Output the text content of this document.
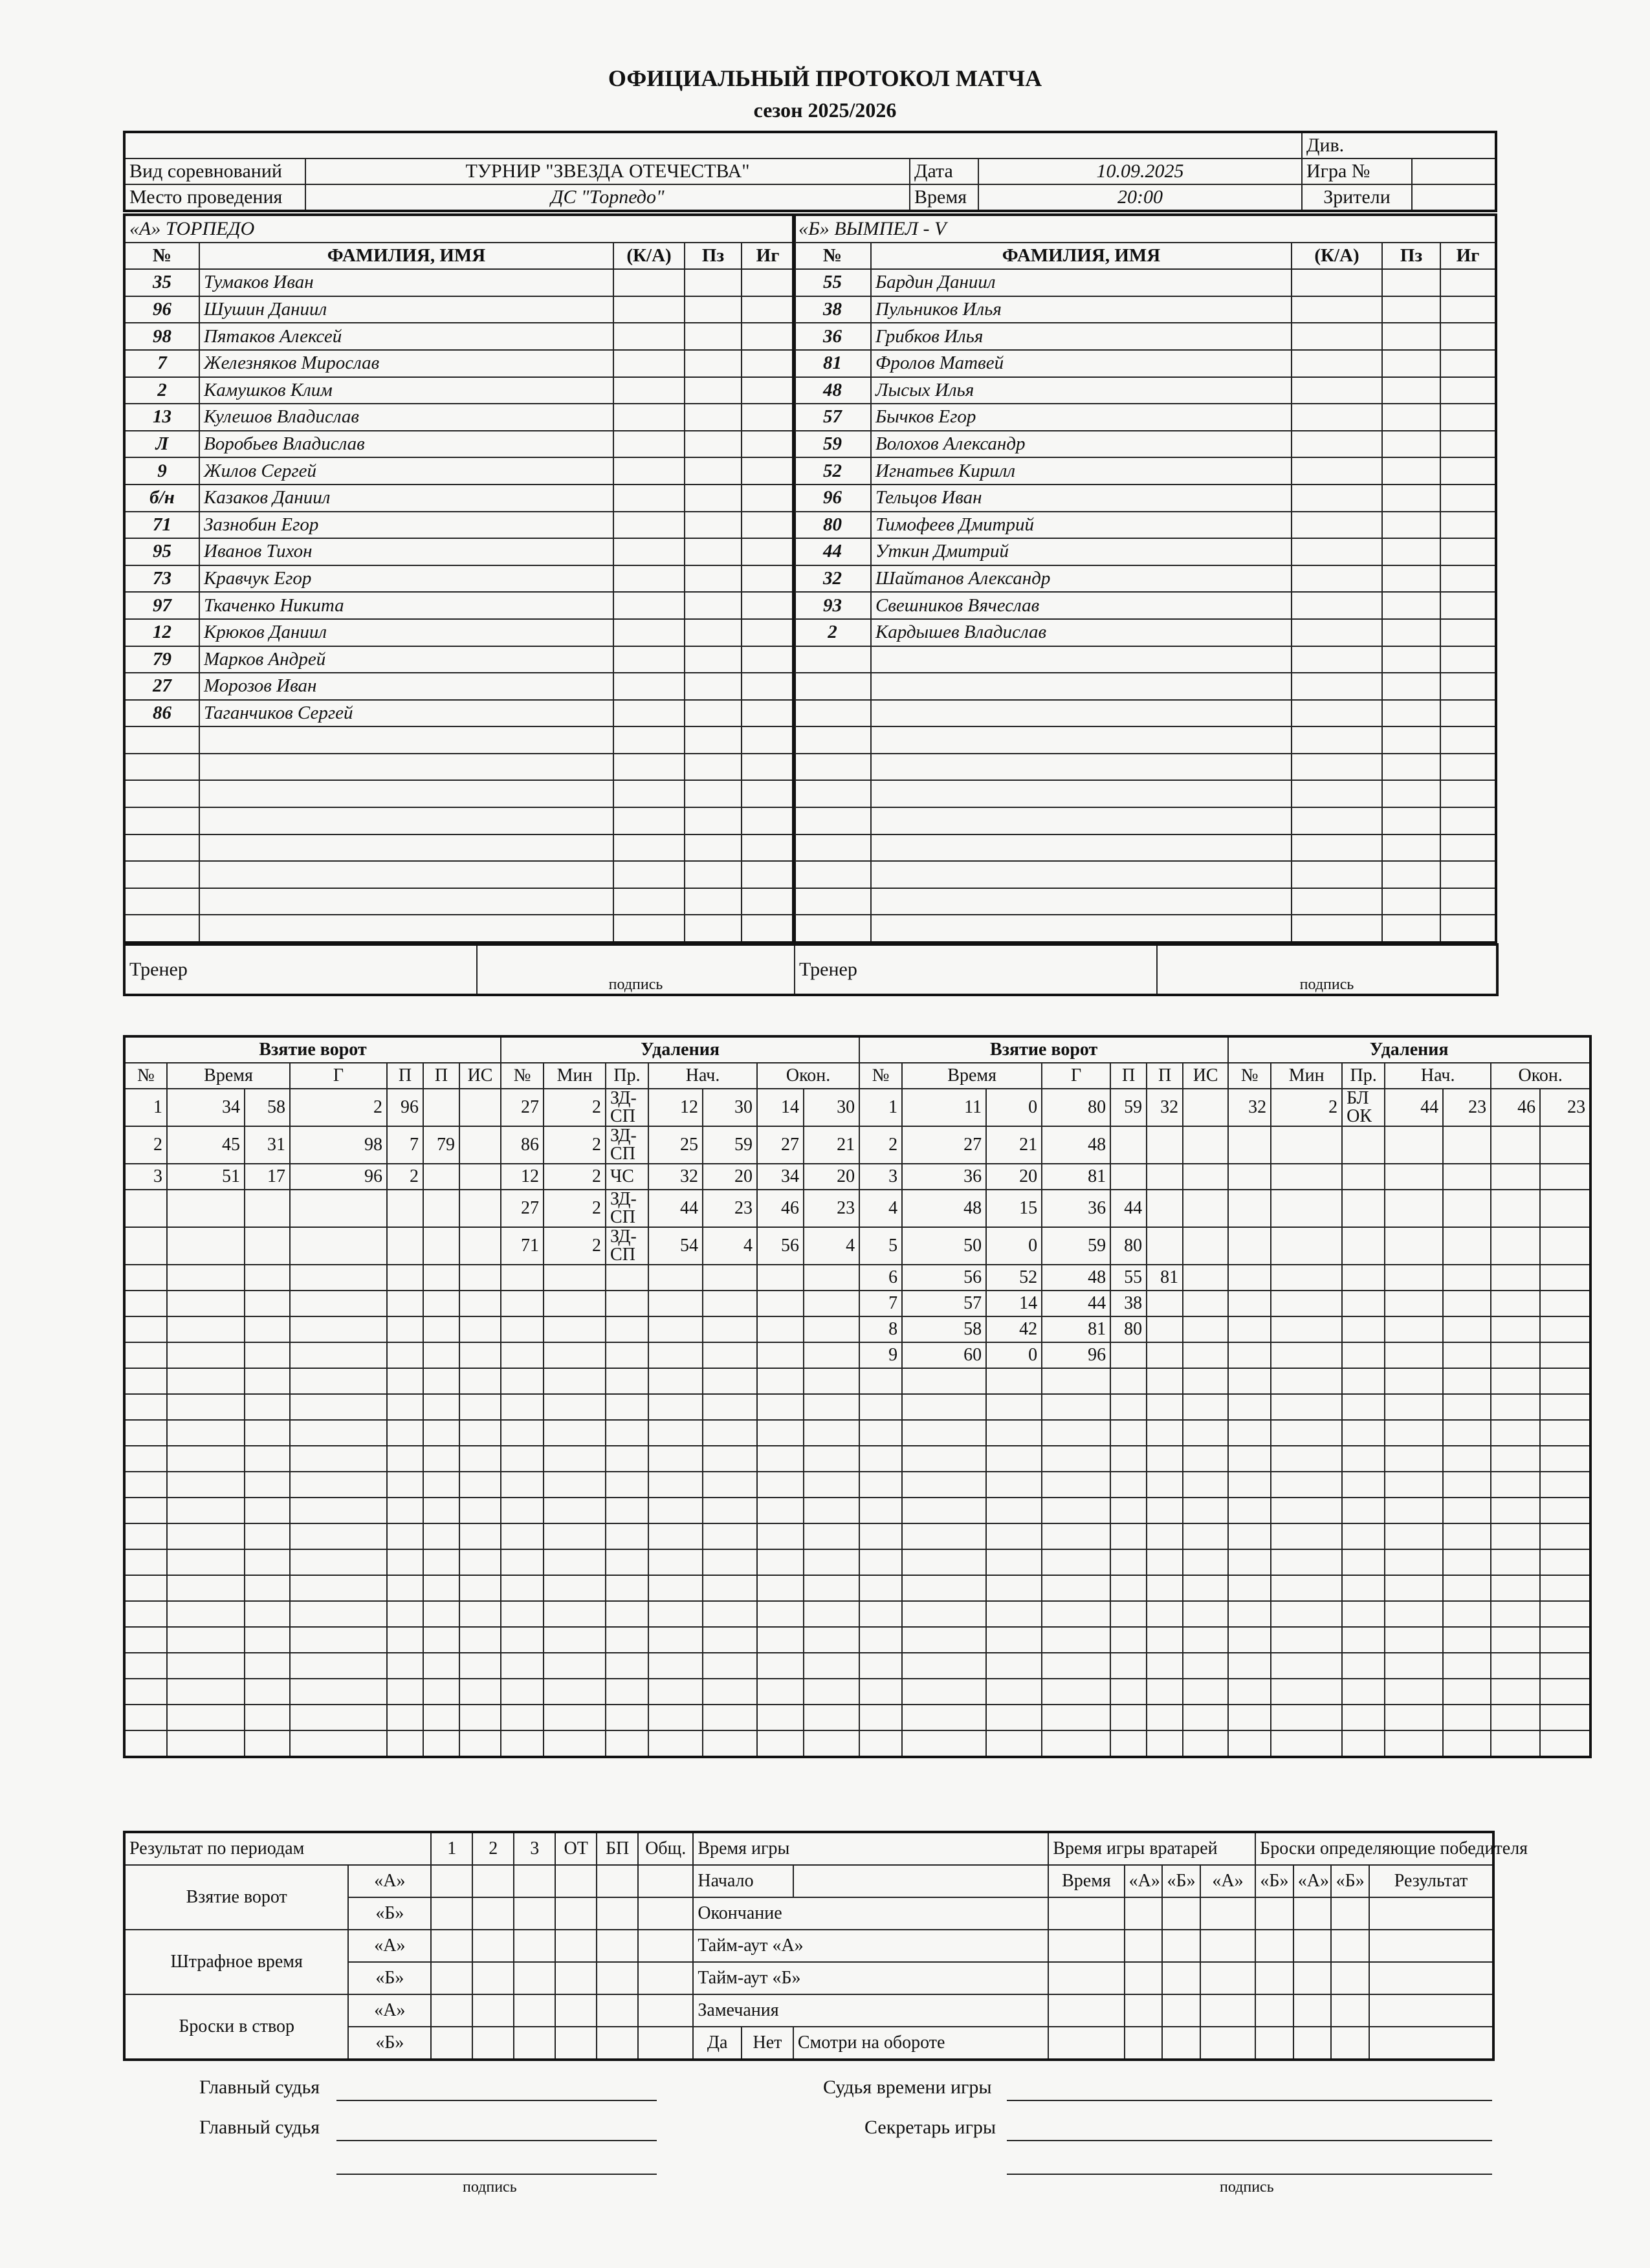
ОФИЦИАЛЬНЫЙ ПРОТОКОЛ МАТЧА
сезон 2025/2026
				Див.	
Вид соревнований	ТУРНИР "ЗВЕЗДА ОТЕЧЕСТВА"	Дата	10.09.2025	Игра №	
Место проведения	ДС "Торпедо"	Время	20:00	Зрители	
«А» ТОРПЕДО				
№	ФАМИЛИЯ, ИМЯ	(К/А)	Пз	Иг
35	Тумаков Иван			
96	Шушин Даниил			
98	Пятаков Алексей			
7	Железняков Мирослав			
2	Камушков Клим			
13	Кулешов Владислав			
Л	Воробьев Владислав			
9	Жилов Сергей			
б/н	Казаков Даниил			
71	Зазнобин Егор			
95	Иванов Тихон			
73	Кравчук Егор			
97	Ткаченко Никита			
12	Крюков Даниил			
79	Марков Андрей			
27	Морозов Иван			
86	Таганчиков Сергей			

«Б» ВЫМПЕЛ - V				
№	ФАМИЛИЯ, ИМЯ	(К/А)	Пз	Иг
55	Бардин Даниил			
38	Пульников Илья			
36	Грибков Илья			
81	Фролов Матвей			
48	Лысых Илья			
57	Бычков Егор			
59	Волохов Александр			
52	Игнатьев Кирилл			
96	Тельцов Иван			
80	Тимофеев Дмитрий			
44	Уткин Дмитрий			
32	Шайтанов Александр			
93	Свешников Вячеслав			
2	Кардышев Владислав			

Тренер	подпись	Тренер	подпись
Взятие ворот							Удаления							Взятие ворот							Удаления						
№	Время		Г	П	П	ИС	№	Мин	Пр.	Нач.		Окон.		№	Время		Г	П	П	ИС	№	Мин	Пр.	Нач.		Окон.	
1	34	58	2	96			27	2	ЗД-СП	12	30	14	30	1	11	0	80	59	32		32	2	БЛ ОК	44	23	46	23
2	45	31	98	7	79		86	2	ЗД-СП	25	59	27	21	2	27	21	48										
3	51	17	96	2			12	2	ЧС	32	20	34	20	3	36	20	81										
							27	2	ЗД-СП	44	23	46	23	4	48	15	36	44									
							71	2	ЗД-СП	54	4	56	4	5	50	0	59	80									
														6	56	52	48	55	81								
														7	57	14	44	38									
														8	58	42	81	80									
														9	60	0	96										

Результат по периодам		1	2	3	ОТ	БП	Общ.	Время игры			Время игры вратарей				Броски определяющие победителя			
Взятие ворот	«А»							Начало			Время	«А»	«Б»	«А»	«Б»	«А»	«Б»	Результат
	«Б»							Окончание										
Штрафное время	«А»							Тайм-аут «А»										
	«Б»							Тайм-аут «Б»										
Броски в створ	«А»							Замечания										
	«Б»							Да	Нет	Смотри на обороте								
Главный судья
Главный судья
подпись
Судья времени игры
Секретарь игры
подпись
